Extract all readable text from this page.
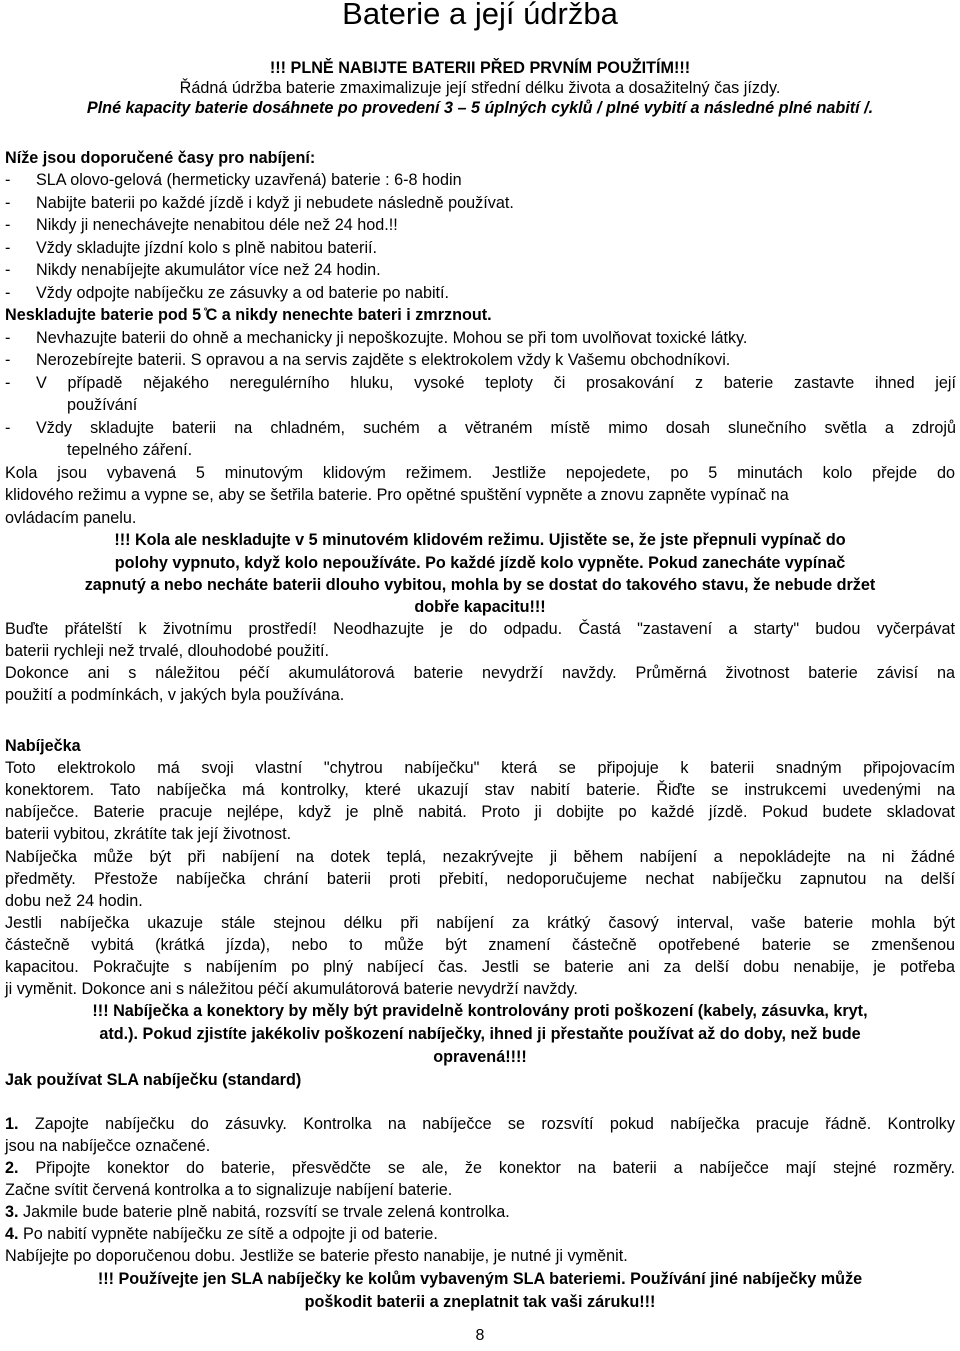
Baterie a její údržba
!!! PLNĚ NABIJTE BATERII PŘED PRVNÍM POUŽITÍM!!!
Řádná údržba baterie zmaximalizuje její střední délku života a dosažitelný čas jízdy.
Plné kapacity baterie dosáhnete po provedení 3 – 5 úplných cyklů / plné vybití a následné plné nabití /.
Níže jsou doporučené časy pro nabíjení:
- SLA olovo-gelová (hermeticky uzavřená) baterie : 6-8 hodin
- Nabijte baterii po každé jízdě i když ji nebudete následně používat.
- Nikdy ji nenechávejte nenabitou déle než 24 hod.!!
- Vždy skladujte jízdní kolo s plně nabitou baterií.
- Nikdy nenabíjejte akumulátor více než 24 hodin.
- Vždy odpojte nabíječku ze zásuvky a od baterie po nabití.
Neskladujte baterie pod 5 ̊C a nikdy nenechte bateri i zmrznout.
- Nevhazujte baterii do ohně a mechanicky ji nepoškozujte. Mohou se při tom uvolňovat toxické látky.
- Nerozebírejte baterii. S opravou a na servis zajděte s elektrokolem vždy k Vašemu obchodníkovi.
- V případě nějakého neregulérního hluku, vysoké teploty či prosakování z baterie zastavte ihned její
používání
- Vždy skladujte baterii na chladném, suchém a větraném místě mimo dosah slunečního světla a zdrojů
tepelného záření.
Kola jsou vybavená 5 minutovým klidovým režimem. Jestliže nepojedete, po 5 minutách kolo přejde do
klidového režimu a vypne se, aby se šetřila baterie. Pro opětné spuštění vypněte a znovu zapněte vypínač na
ovládacím panelu.
!!! Kola ale neskladujte v 5 minutovém klidovém režimu. Ujistěte se, že jste přepnuli vypínač do
polohy vypnuto, když kolo nepoužíváte. Po každé jízdě kolo vypněte. Pokud zanecháte vypínač
zapnutý a nebo necháte baterii dlouho vybitou, mohla by se dostat do takového stavu, že nebude držet
dobře kapacitu!!!
Buďte přátelští k životnímu prostředí! Neodhazujte je do odpadu. Častá "zastavení a starty" budou vyčerpávat
baterii rychleji než trvalé, dlouhodobé použití.
Dokonce ani s náležitou péčí akumulátorová baterie nevydrží navždy. Průměrná životnost baterie závisí na
použití a podmínkách, v jakých byla používána.
Nabíječka
Toto elektrokolo má svoji vlastní "chytrou nabíječku" která se připojuje k baterii snadným připojovacím
konektorem. Tato nabíječka má kontrolky, které ukazují stav nabití baterie. Řiďte se instrukcemi uvedenými na
nabíječce. Baterie pracuje nejlépe, když je plně nabitá. Proto ji dobijte po každé jízdě. Pokud budete skladovat
baterii vybitou, zkrátíte tak její životnost.
Nabíječka může být při nabíjení na dotek teplá, nezakrývejte ji během nabíjení a nepokládejte na ni žádné
předměty. Přestože nabíječka chrání baterii proti přebití, nedoporučujeme nechat nabíječku zapnutou na delší
dobu než 24 hodin.
Jestli nabíječka ukazuje stále stejnou délku při nabíjení za krátký časový interval, vaše baterie mohla být
částečně vybitá (krátká jízda), nebo to může být znamení částečně opotřebené baterie se zmenšenou
kapacitou. Pokračujte s nabíjením po plný nabíjecí čas. Jestli se baterie ani za delší dobu nenabije, je potřeba
ji vyměnit. Dokonce ani s náležitou péčí akumulátorová baterie nevydrží navždy.
!!! Nabíječka a konektory by měly být pravidelně kontrolovány proti poškození (kabely, zásuvka, kryt,
atd.). Pokud zjistíte jakékoliv poškození nabíječky, ihned ji přestaňte používat až do doby, než bude
opravená!!!!
Jak používat SLA nabíječku (standard)
1. Zapojte nabíječku do zásuvky. Kontrolka na nabíječce se rozsvítí pokud nabíječka pracuje řádně. Kontrolky
jsou na nabíječce označené.
2. Připojte konektor do baterie, přesvědčte se ale, že konektor na baterii a nabíječce mají stejné rozměry.
Začne svítit červená kontrolka a to signalizuje nabíjení baterie.
3. Jakmile bude baterie plně nabitá, rozsvítí se trvale zelená kontrolka.
4. Po nabití vypněte nabíječku ze sítě a odpojte ji od baterie.
Nabíjejte po doporučenou dobu. Jestliže se baterie přesto nanabije, je nutné ji vyměnit.
!!! Používejte jen SLA nabíječky ke kolům vybaveným SLA bateriemi. Používání jiné nabíječky může
poškodit baterii a zneplatnit tak vaši záruku!!!
8
